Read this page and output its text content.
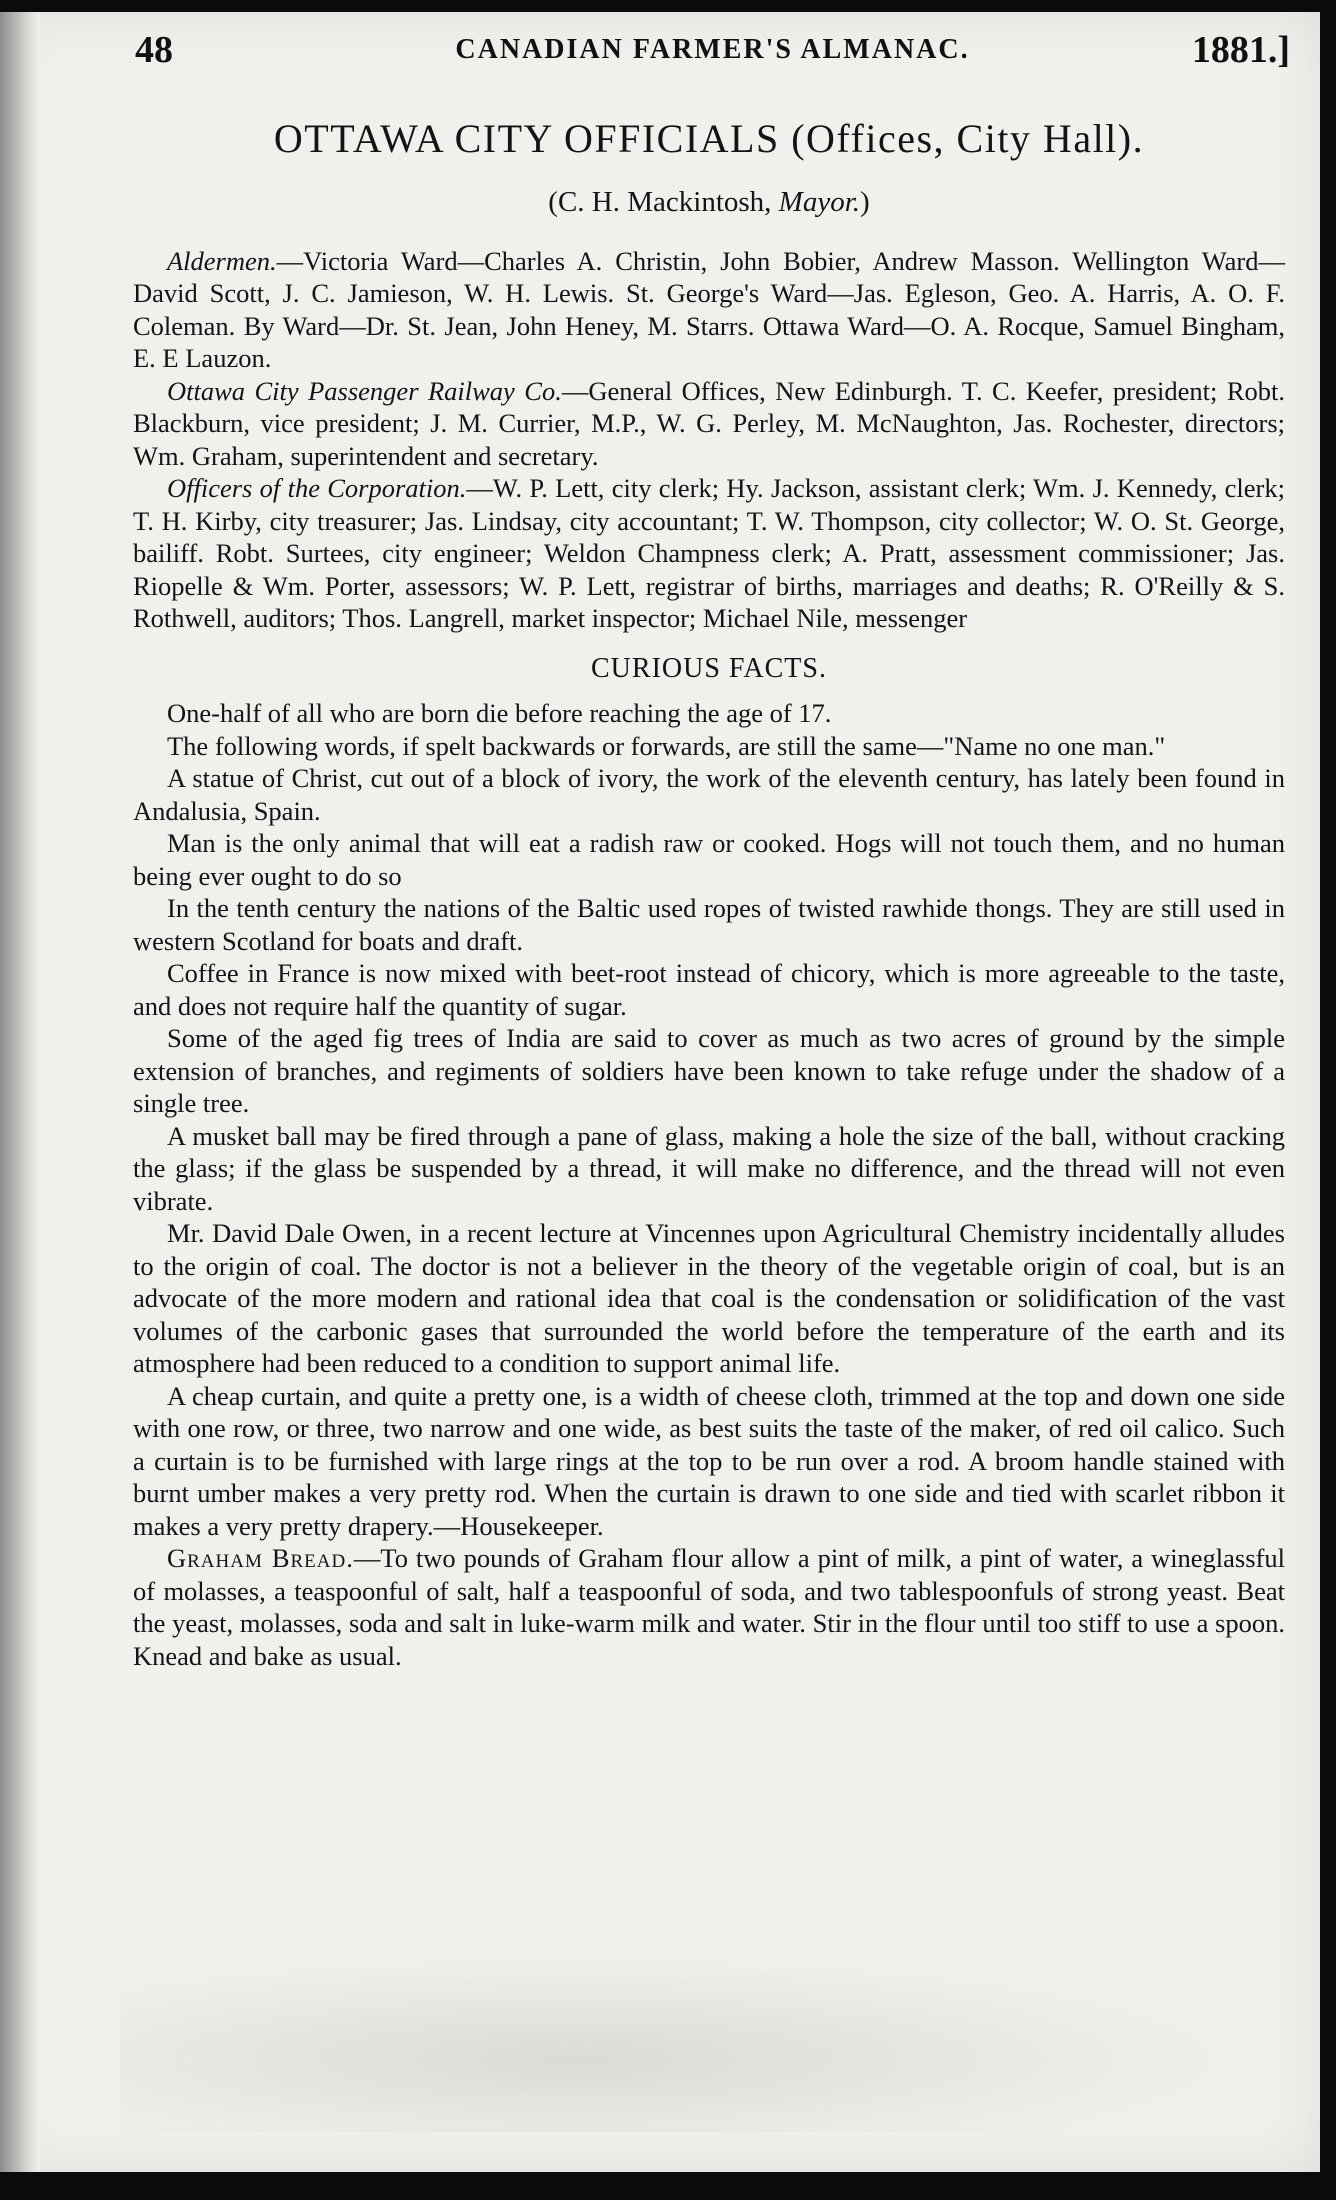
48	CANADIAN FARMER'S ALMANAC.	1881.]
OTTAWA CITY OFFICIALS (Offices, City Hall).

(C. H. Mackintosh, Mayor.)

Aldermen.—Victoria Ward—Charles A. Christin, John Bobier, Andrew Masson. Wellington Ward—David Scott, J. C. Jamieson, W. H. Lewis. St. George's Ward—Jas. Egleson, Geo. A. Harris, A. O. F. Coleman. By Ward—Dr. St. Jean, John Heney, M. Starrs. Ottawa Ward—O. A. Rocque, Samuel Bingham, E. E Lauzon.

Ottawa City Passenger Railway Co.—General Offices, New Edinburgh. T. C. Keefer, president; Robt. Blackburn, vice president; J. M. Currier, M.P., W. G. Perley, M. McNaughton, Jas. Rochester, directors; Wm. Graham, superintendent and secretary.

Officers of the Corporation.—W. P. Lett, city clerk; Hy. Jackson, assistant clerk; Wm. J. Kennedy, clerk; T. H. Kirby, city treasurer; Jas. Lindsay, city accountant; T. W. Thompson, city collector; W. O. St. George, bailiff. Robt. Surtees, city engineer; Weldon Champness clerk; A. Pratt, assessment commissioner; Jas. Riopelle & Wm. Porter, assessors; W. P. Lett, registrar of births, marriages and deaths; R. O'Reilly & S. Rothwell, auditors; Thos. Langrell, market inspector; Michael Nile, messenger

CURIOUS FACTS.

One-half of all who are born die before reaching the age of 17.

The following words, if spelt backwards or forwards, are still the same—"Name no one man."

A statue of Christ, cut out of a block of ivory, the work of the eleventh century, has lately been found in Andalusia, Spain.

Man is the only animal that will eat a radish raw or cooked. Hogs will not touch them, and no human being ever ought to do so

In the tenth century the nations of the Baltic used ropes of twisted rawhide thongs. They are still used in western Scotland for boats and draft.

Coffee in France is now mixed with beet-root instead of chicory, which is more agreeable to the taste, and does not require half the quantity of sugar.

Some of the aged fig trees of India are said to cover as much as two acres of ground by the simple extension of branches, and regiments of soldiers have been known to take refuge under the shadow of a single tree.

A musket ball may be fired through a pane of glass, making a hole the size of the ball, without cracking the glass; if the glass be suspended by a thread, it will make no difference, and the thread will not even vibrate.

Mr. David Dale Owen, in a recent lecture at Vincennes upon Agricultural Chemistry incidentally alludes to the origin of coal. The doctor is not a believer in the theory of the vegetable origin of coal, but is an advocate of the more modern and rational idea that coal is the condensation or solidification of the vast volumes of the carbonic gases that surrounded the world before the temperature of the earth and its atmosphere had been reduced to a condition to support animal life.

A cheap curtain, and quite a pretty one, is a width of cheese cloth, trimmed at the top and down one side with one row, or three, two narrow and one wide, as best suits the taste of the maker, of red oil calico. Such a curtain is to be furnished with large rings at the top to be run over a rod. A broom handle stained with burnt umber makes a very pretty rod. When the curtain is drawn to one side and tied with scarlet ribbon it makes a very pretty drapery.—Housekeeper.

Graham Bread.—To two pounds of Graham flour allow a pint of milk, a pint of water, a wineglassful of molasses, a teaspoonful of salt, half a teaspoonful of soda, and two tablespoonfuls of strong yeast. Beat the yeast, molasses, soda and salt in luke-warm milk and water. Stir in the flour until too stiff to use a spoon. Knead and bake as usual.
